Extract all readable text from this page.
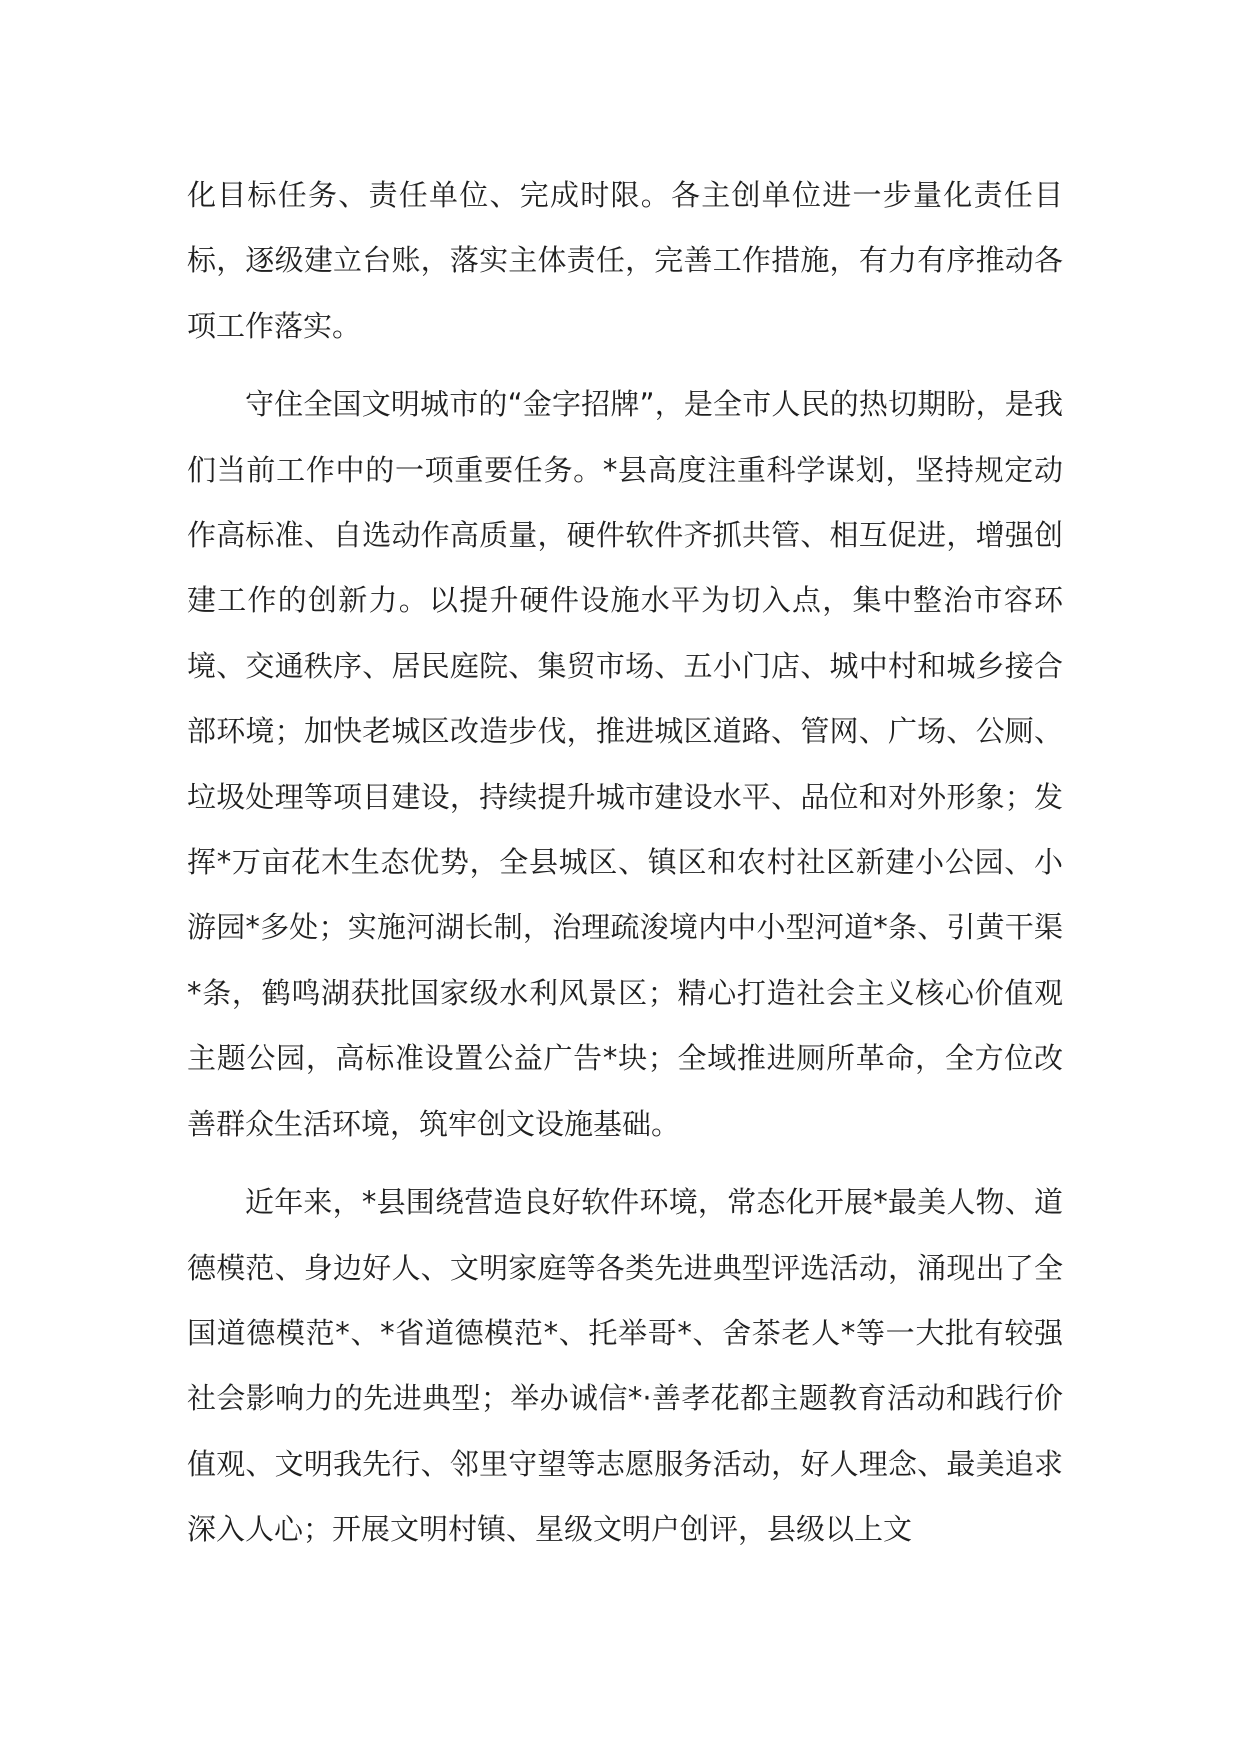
化目标任务、责任单位、完成时限。各主创单位进一步量化责任目标，逐级建立台账，落实主体责任，完善工作措施，有力有序推动各项工作落实。

守住全国文明城市的“金字招牌”，是全市人民的热切期盼，是我们当前工作中的一项重要任务。*县高度注重科学谋划，坚持规定动作高标准、自选动作高质量，硬件软件齐抓共管、相互促进，增强创建工作的创新力。以提升硬件设施水平为切入点，集中整治市容环境、交通秩序、居民庭院、集贸市场、五小门店、城中村和城乡接合部环境；加快老城区改造步伐，推进城区道路、管网、广场、公厕、垃圾处理等项目建设，持续提升城市建设水平、品位和对外形象；发挥*万亩花木生态优势，全县城区、镇区和农村社区新建小公园、小游园*多处；实施河湖长制，治理疏浚境内中小型河道*条、引黄干渠*条，鹤鸣湖获批国家级水利风景区；精心打造社会主义核心价值观主题公园，高标准设置公益广告*块；全域推进厕所革命，全方位改善群众生活环境，筑牢创文设施基础。

近年来，*县围绕营造良好软件环境，常态化开展*最美人物、道德模范、身边好人、文明家庭等各类先进典型评选活动，涌现出了全国道德模范*、*省道德模范*、托举哥*、舍茶老人*等一大批有较强社会影响力的先进典型；举办诚信*·善孝花都主题教育活动和践行价值观、文明我先行、邻里守望等志愿服务活动，好人理念、最美追求深入人心；开展文明村镇、星级文明户创评，县级以上文
